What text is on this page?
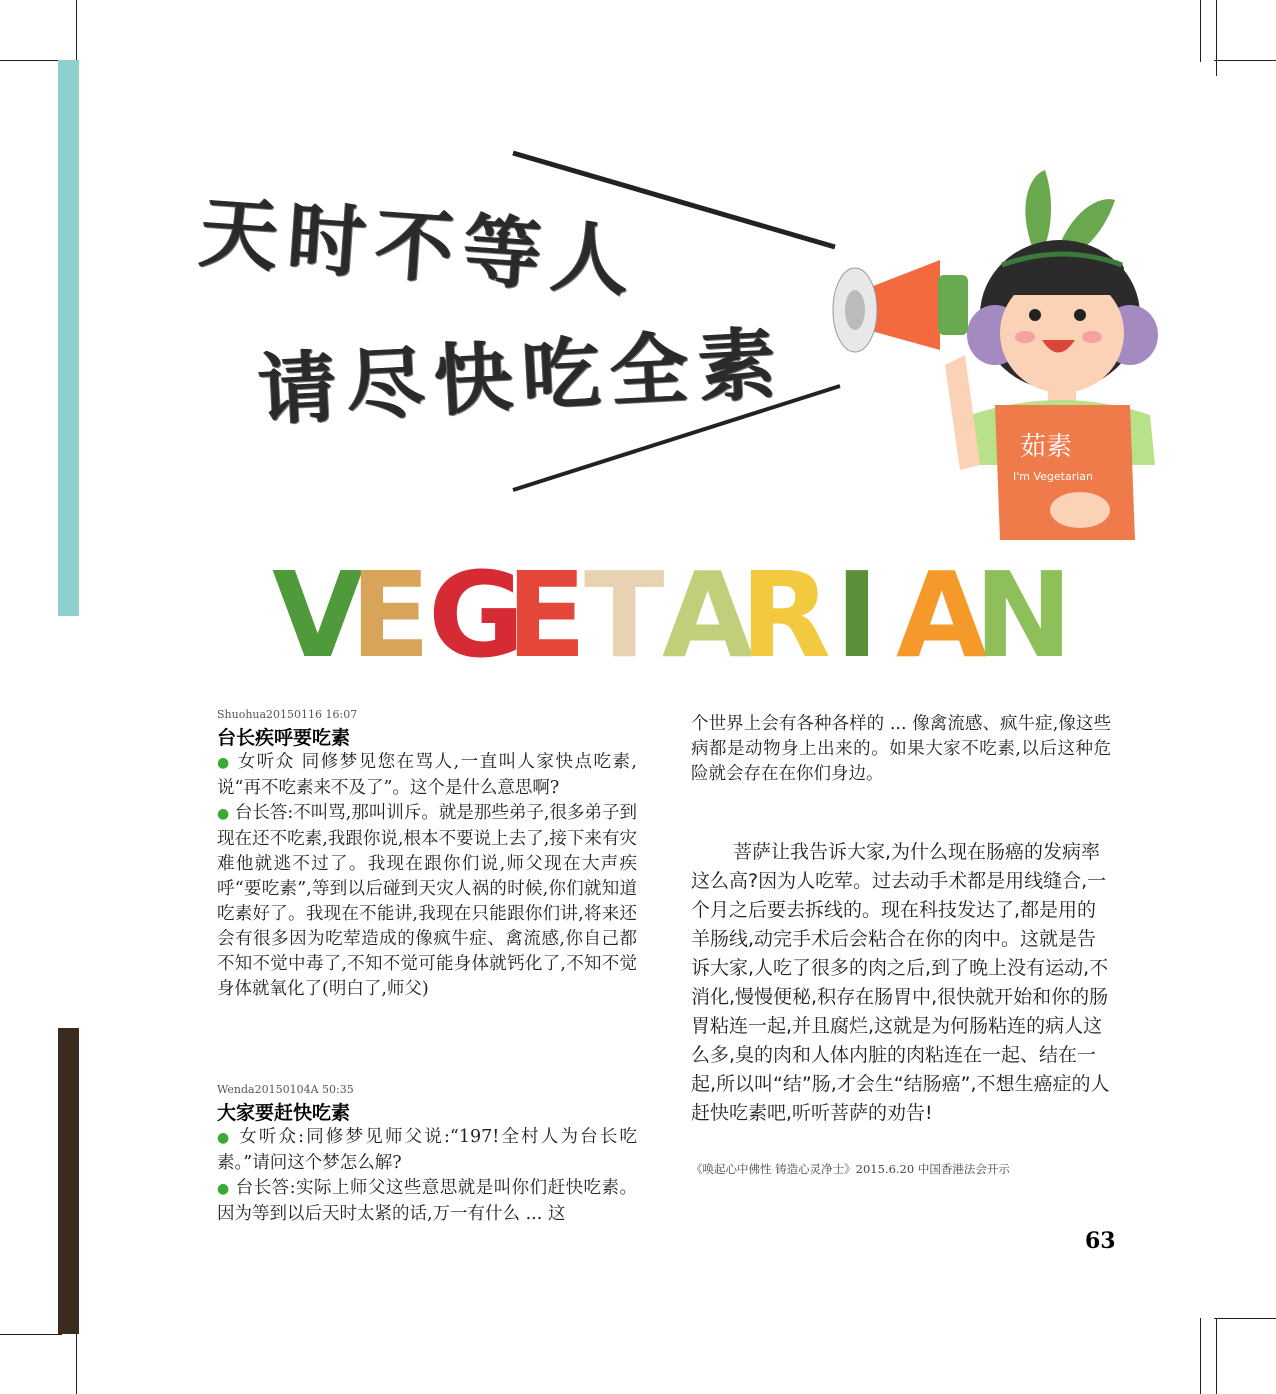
天时不等人
请尽快吃全素
茹素
I'm Vegetarian
V
E
G
E
T
A
R I A
N
Shuohua20150116 16:07
台长疾呼要吃素

● 女听众 同修梦见您在骂人,一直叫人家快点吃素,说“再不吃素来不及了”。这个是什么意思啊?
● 台长答:不叫骂,那叫训斥。就是那些弟子,很多弟子到现在还不吃素,我跟你说,根本不要说上去了,接下来有灾难他就逃不过了。我现在跟你们说,师父现在大声疾呼“要吃素”,等到以后碰到天灾人祸的时候,你们就知道吃素好了。我现在不能讲,我现在只能跟你们讲,将来还会有很多因为吃荤造成的像疯牛症、禽流感,你自己都不知不觉中毒了,不知不觉可能身体就钙化了,不知不觉身体就氧化了(明白了,师父)

Wenda20150104A 50:35
大家要赶快吃素

● 女听众:同修梦见师父说:“197!全村人为台长吃素。”请问这个梦怎么解?
● 台长答:实际上师父这些意思就是叫你们赶快吃素。因为等到以后天时太紧的话,万一有什么 ... 这

个世界上会有各种各样的 ... 像禽流感、疯牛症,像这些病都是动物身上出来的。如果大家不吃素,以后这种危险就会存在在你们身边。

菩萨让我告诉大家,为什么现在肠癌的发病率这么高?因为人吃荤。过去动手术都是用线缝合,一个月之后要去拆线的。现在科技发达了,都是用的羊肠线,动完手术后会粘合在你的肉中。这就是告诉大家,人吃了很多的肉之后,到了晚上没有运动,不消化,慢慢便秘,积存在肠胃中,很快就开始和你的肠胃粘连一起,并且腐烂,这就是为何肠粘连的病人这么多,臭的肉和人体内脏的肉粘连在一起、结在一起,所以叫“结”肠,才会生“结肠癌”,不想生癌症的人赶快吃素吧,听听菩萨的劝告!

《唤起心中佛性 铸造心灵净士》2015.6.20 中国香港法会开示
63
